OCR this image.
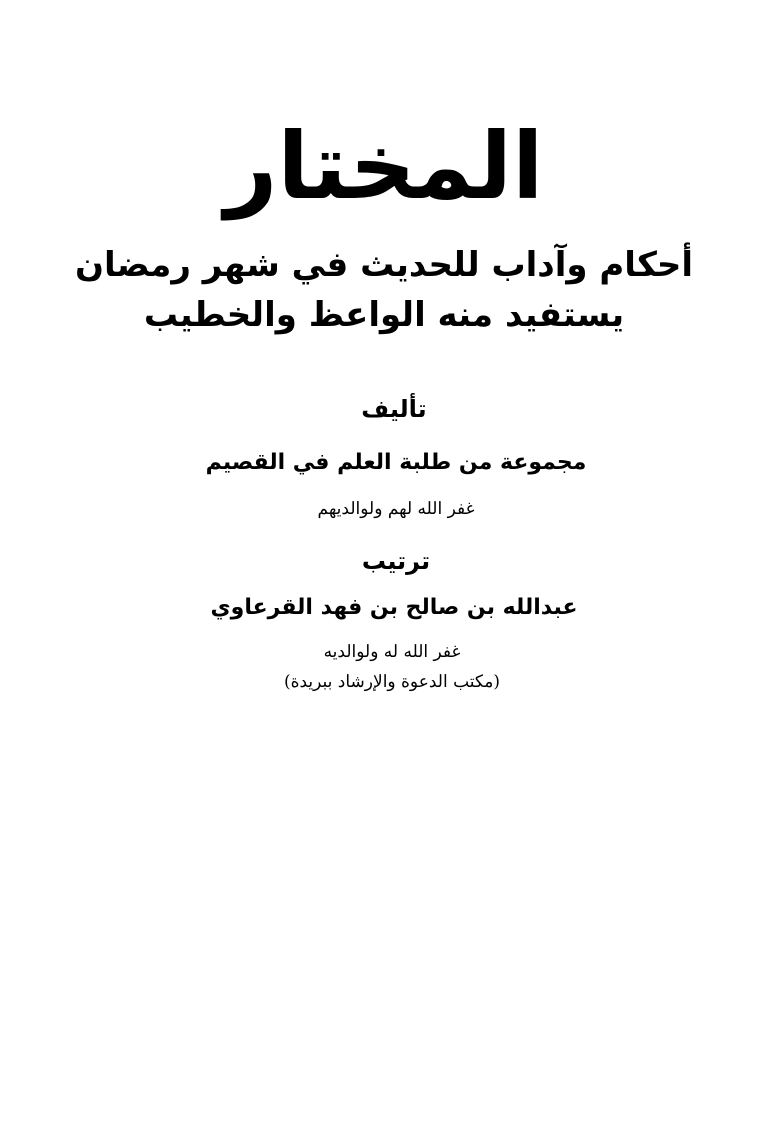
المختار
أحكام وآداب للحديث في شهر رمضان
يستفيد منه الواعظ والخطيب
تأليف
مجموعة من طلبة العلم في القصيم
غفر الله لهم ولوالديهم
ترتيب
عبدالله بن صالح بن فهد القرعاوي
غفر الله له ولوالديه
(مكتب الدعوة والإرشاد ببريدة)
